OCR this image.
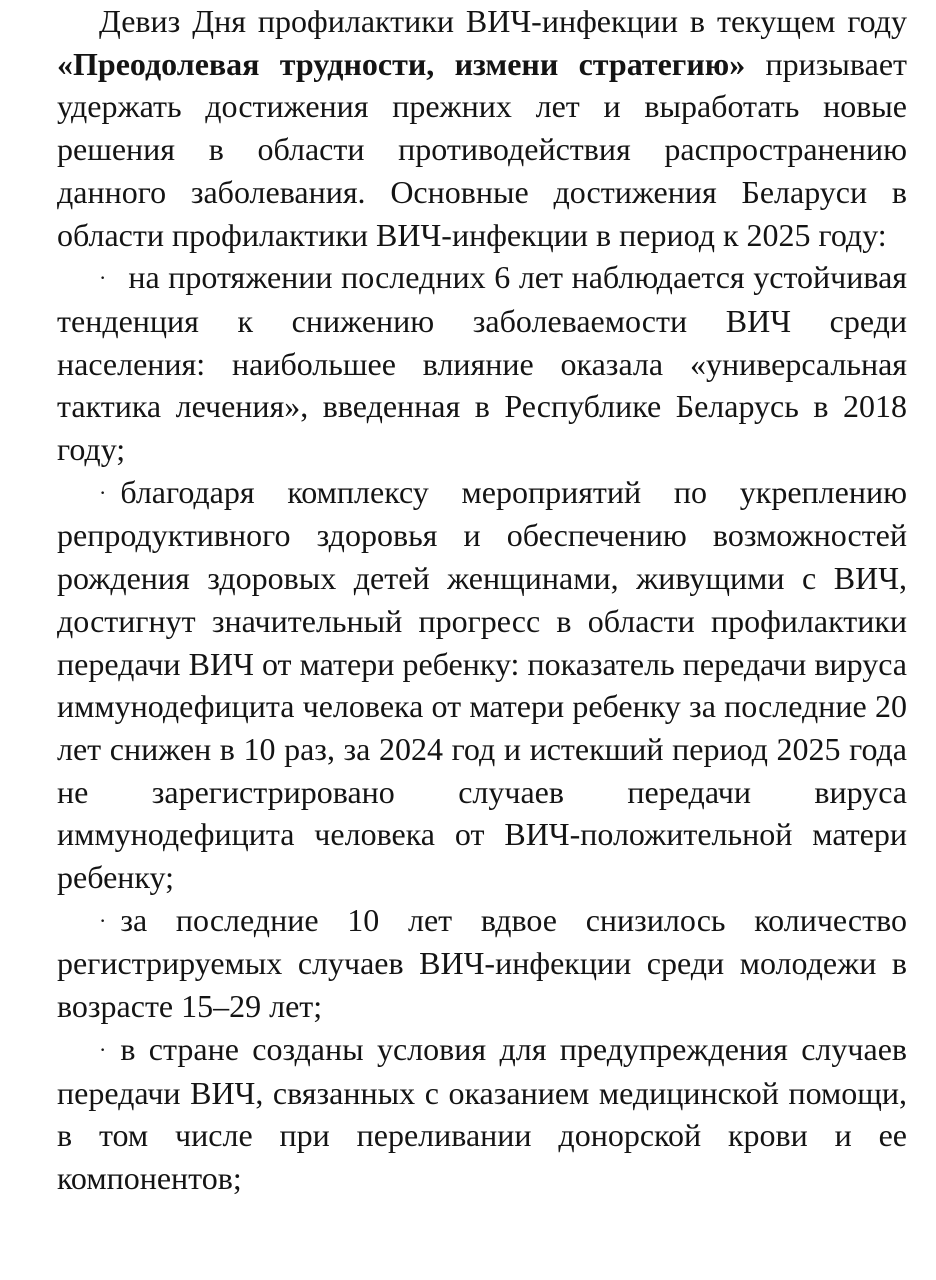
Девиз Дня профилактики ВИЧ-инфекции в текущем году «Преодолевая трудности, измени стратегию» призывает удержать достижения прежних лет и выработать новые решения в области противодействия распространению данного заболевания. Основные достижения Беларуси в области профилактики ВИЧ-инфекции в период к 2025 году:

· на протяжении последних 6 лет наблюдается устойчивая тенденция к снижению заболеваемости ВИЧ среди населения: наибольшее влияние оказала «универсальная тактика лечения», введенная в Республике Беларусь в 2018 году;

· благодаря комплексу мероприятий по укреплению репродуктивного здоровья и обеспечению возможностей рождения здоровых детей женщинами, живущими с ВИЧ, достигнут значительный прогресс в области профилактики передачи ВИЧ от матери ребенку: показатель передачи вируса иммунодефицита человека от матери ребенку за последние 20 лет снижен в 10 раз, за 2024 год и истекший период 2025 года не зарегистрировано случаев передачи вируса иммунодефицита человека от ВИЧ-положительной матери ребенку;

· за последние 10 лет вдвое снизилось количество регистрируемых случаев ВИЧ-инфекции среди молодежи в возрасте 15–29 лет;

· в стране созданы условия для предупреждения случаев передачи ВИЧ, связанных с оказанием медицинской помощи, в том числе при переливании донорской крови и ее компонентов;
